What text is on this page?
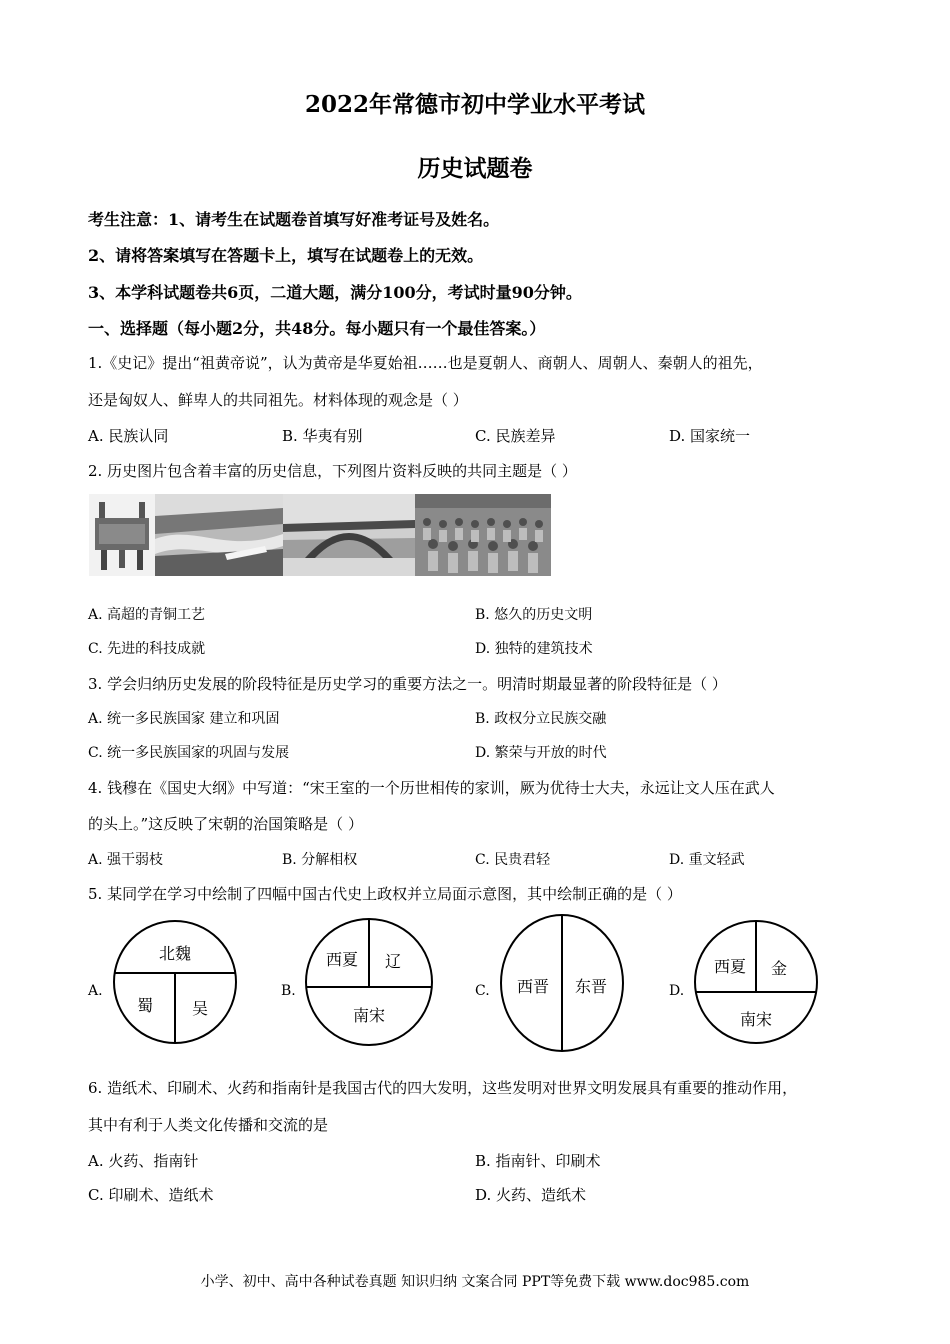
2022年常德市初中学业水平考试
历史试题卷
考生注意：1、请考生在试题卷首填写好准考证号及姓名。
2、请将答案填写在答题卡上，填写在试题卷上的无效。
3、本学科试题卷共6页，二道大题，满分100分，考试时量90分钟。
一、选择题（每小题2分，共48分。每小题只有一个最佳答案。）
1.《史记》提出“祖黄帝说”，认为黄帝是华夏始祖……也是夏朝人、商朝人、周朝人、秦朝人的祖先，
还是匈奴人、鲜卑人的共同祖先。材料体现的观念是（ ）
A. 民族认同	B. 华夷有别	C. 民族差异	D. 国家统一
2. 历史图片包含着丰富的历史信息，下列图片资料反映的共同主题是（ ）
A. 高超的青铜工艺	B. 悠久的历史文明
C. 先进的科技成就	D. 独特的建筑技术
3. 学会归纳历史发展的阶段特征是历史学习的重要方法之一。明清时期最显著的阶段特征是（ ）
A. 统一多民族国家 建立和巩固	B. 政权分立民族交融
C. 统一多民族国家的巩固与发展	D. 繁荣与开放的时代
4. 钱穆在《国史大纲》中写道：“宋王室的一个历世相传的家训，厥为优待士大夫，永远让文人压在武人
的头上。”这反映了宋朝的治国策略是（ ）
A. 强干弱枝	B. 分解相权	C. 民贵君轻	D. 重文轻武
5. 某同学在学习中绘制了四幅中国古代史上政权并立局面示意图，其中绘制正确的是（ ）
A.
北魏
蜀 吴
B.
西夏 辽
南宋
C. 西晋 东晋	D.
西夏 金
南宋
6. 造纸术、印刷术、火药和指南针是我国古代的四大发明，这些发明对世界文明发展具有重要的推动作用，
其中有利于人类文化传播和交流的是
A. 火药、指南针	B. 指南针、印刷术
C. 印刷术、造纸术	D. 火药、造纸术
小学、初中、高中各种试卷真题 知识归纳 文案合同 PPT等免费下载 www.doc985.com
